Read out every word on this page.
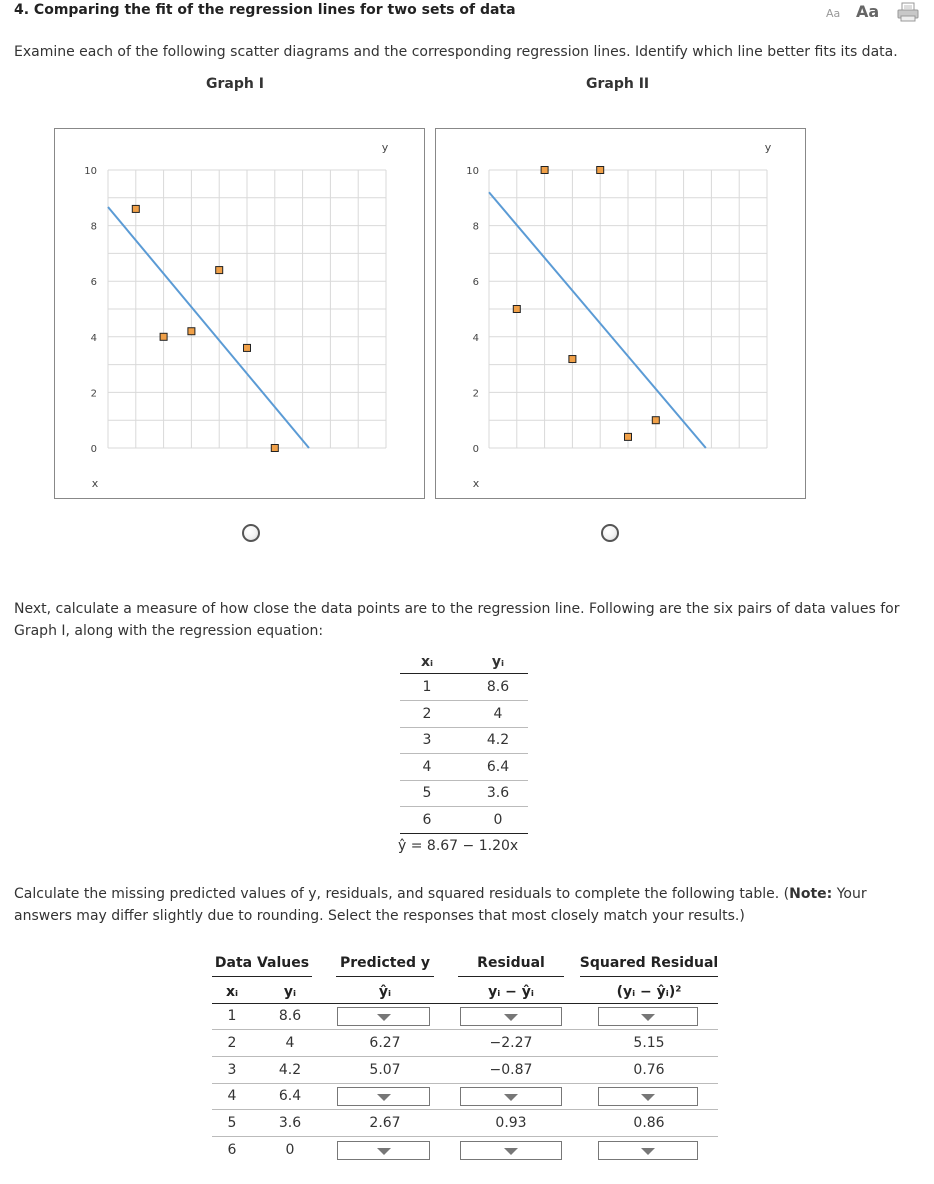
4. Comparing the fit of the regression lines for two sets of data	Aa Aa
Examine each of the following scatter diagrams and the corresponding regression lines. Identify which line better fits its data.
Graph I	Graph II
0
2
4
6
8
10
y
x
0
2
4
6
8
10
y
x
Next, calculate a measure of how close the data points are to the regression line. Following are the six pairs of data values for Graph I, along with the regression equation:
xᵢ	yᵢ
1	8.6
2	4
3	4.2
4	6.4
5	3.6
6	0
ŷ = 8.67 − 1.20x
Calculate the missing predicted values of y, residuals, and squared residuals to complete the following table. (Note: Your answers may differ slightly due to rounding. Select the responses that most closely match your results.)
Data Values	Predicted y	Residual	Squared Residual
xᵢ	yᵢ	ŷᵢ	yᵢ − ŷᵢ	(yᵢ − ŷᵢ)²
1	8.6
2	4	6.27	−2.27	5.15
3	4.2	5.07	−0.87	0.76
4	6.4
5	3.6	2.67	0.93	0.86
6	0
